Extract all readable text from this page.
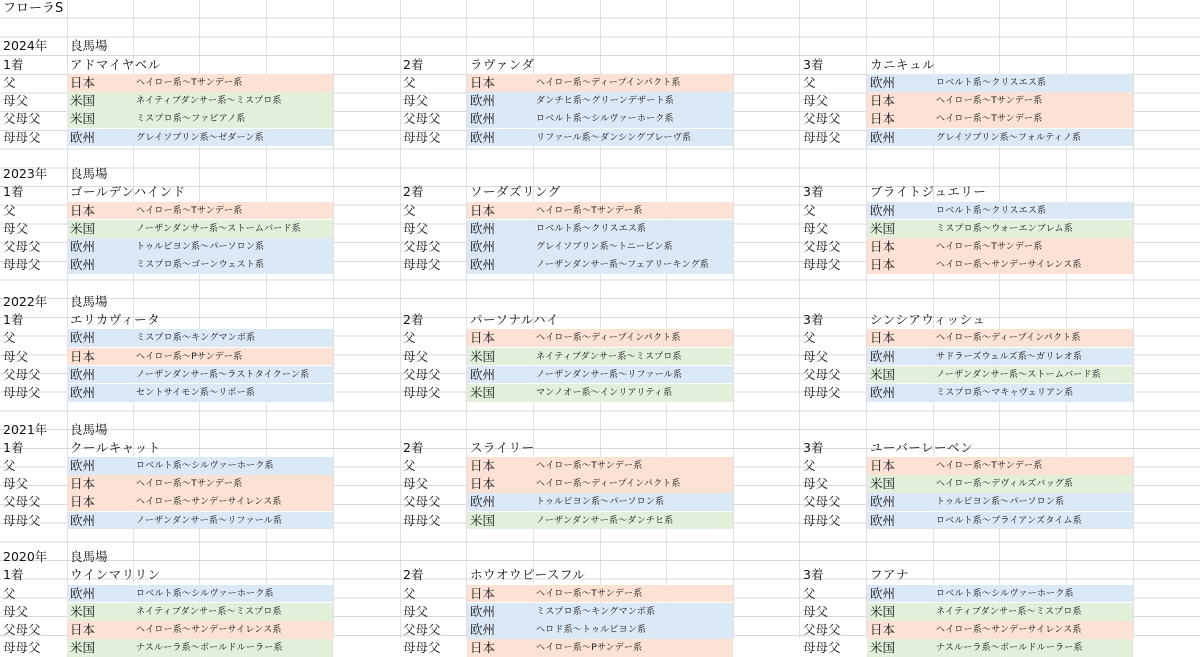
フローラS
2024年	良馬場
1着	アドマイヤベル
父	日本	ヘイロー系～Tサンデー系
母父	米国	ネイティブダンサー系～ミスプロ系
父母父	米国	ミスプロ系～ファピアノ系
母母父	欧州	グレイソブリン系～ゼダーン系
2着	ラヴァンダ
父	日本	ヘイロー系～ディープインパクト系
母父	欧州	ダンチヒ系～グリーンデザート系
父母父	欧州	ロベルト系～シルヴァーホーク系
母母父	欧州	リファール系～ダンシングブレーヴ系
3着	カニキュル
父	欧州	ロベルト系～クリスエス系
母父	日本	ヘイロー系～Tサンデー系
父母父	日本	ヘイロー系～Tサンデー系
母母父	欧州	グレイソブリン系～フォルティノ系
2023年	良馬場
1着	ゴールデンハインド
父	日本	ヘイロー系～Tサンデー系
母父	米国	ノーザンダンサー系～ストームバード系
父母父	欧州	トゥルビヨン系～パーソロン系
母母父	欧州	ミスプロ系～ゴーンウェスト系
2着	ソーダズリング
父	日本	ヘイロー系～Tサンデー系
母父	欧州	ロベルト系～クリスエス系
父母父	欧州	グレイソブリン系～トニービン系
母母父	欧州	ノーザンダンサー系～フェアリーキング系
3着	ブライトジュエリー
父	欧州	ロベルト系～クリスエス系
母父	米国	ミスプロ系～ウォーエンブレム系
父母父	日本	ヘイロー系～Tサンデー系
母母父	日本	ヘイロー系～サンデーサイレンス系
2022年	良馬場
1着	エリカヴィータ
父	欧州	ミスプロ系～キングマンボ系
母父	日本	ヘイロー系～Pサンデー系
父母父	欧州	ノーザンダンサー系～ラストタイクーン系
母母父	欧州	セントサイモン系～リボー系
2着	パーソナルハイ
父	日本	ヘイロー系～ディープインパクト系
母父	米国	ネイティブダンサー系～ミスプロ系
父母父	欧州	ノーザンダンサー系～リファール系
母母父	米国	マンノオー系～インリアリティ系
3着	シンシアウィッシュ
父	日本	ヘイロー系～ディープインパクト系
母父	欧州	サドラーズウェルズ系～ガリレオ系
父母父	米国	ノーザンダンサー系～ストームバード系
母母父	欧州	ミスプロ系～マキャヴェリアン系
2021年	良馬場
1着	クールキャット
父	欧州	ロベルト系～シルヴァーホーク系
母父	日本	ヘイロー系～Tサンデー系
父母父	日本	ヘイロー系～サンデーサイレンス系
母母父	欧州	ノーザンダンサー系～リファール系
2着	スライリー
父	日本	ヘイロー系～Tサンデー系
母父	日本	ヘイロー系～ディープインパクト系
父母父	欧州	トゥルビヨン系～パーソロン系
母母父	米国	ノーザンダンサー系～ダンチヒ系
3着	ユーバーレーベン
父	日本	ヘイロー系～Tサンデー系
母父	米国	ヘイロー系～デヴィルズバッグ系
父母父	欧州	トゥルビヨン系～パーソロン系
母母父	欧州	ロベルト系～ブライアンズタイム系
2020年	良馬場
1着	ウインマリリン
父	欧州	ロベルト系～シルヴァーホーク系
母父	米国	ネイティブダンサー系～ミスプロ系
父母父	日本	ヘイロー系～サンデーサイレンス系
母母父	米国	ナスルーラ系～ボールドルーラー系
2着	ホウオウピースフル
父	日本	ヘイロー系～Tサンデー系
母父	欧州	ミスプロ系～キングマンボ系
父母父	欧州	ヘロド系～トゥルビヨン系
母母父	日本	ヘイロー系～Pサンデー系
3着	フアナ
父	欧州	ロベルト系～シルヴァーホーク系
母父	米国	ネイティブダンサー系～ミスプロ系
父母父	日本	ヘイロー系～サンデーサイレンス系
母母父	米国	ナスルーラ系～ボールドルーラー系
